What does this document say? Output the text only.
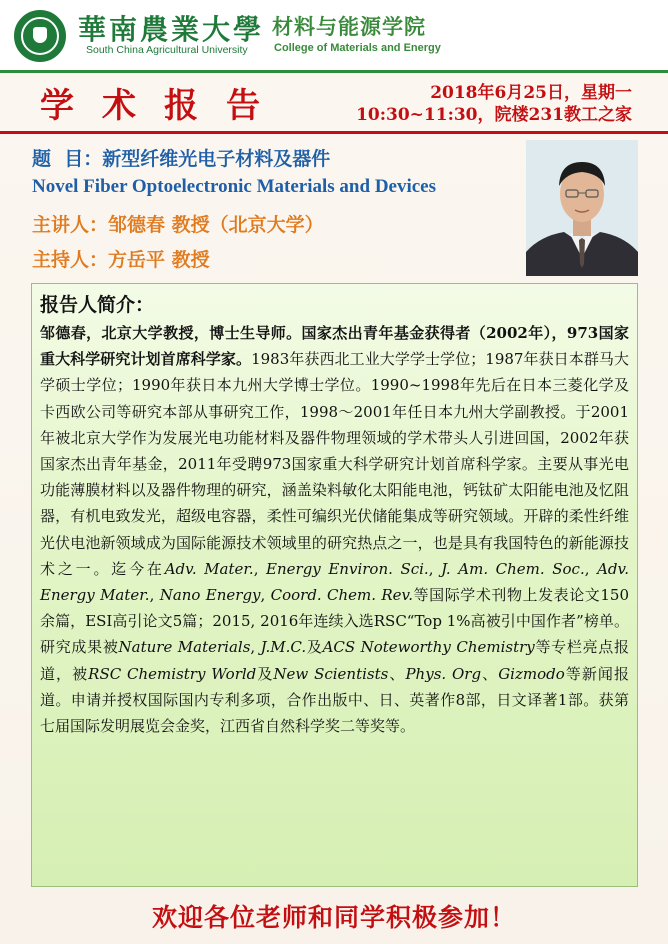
華南農業大學
South China Agricultural University
材料与能源学院
College of Materials and Energy
学术报告	2018年6月25日，星期一
10:30~11:30，院楼231教工之家
题  目：新型纤维光电子材料及器件
Novel Fiber Optoelectronic Materials and Devices
主讲人：邹德春 教授（北京大学）
主持人：方岳平 教授
报告人简介：
邹德春，北京大学教授，博士生导师。国家杰出青年基金获得者（2002年），973国家重大科学研究计划首席科学家。1983年获西北工业大学学士学位；1987年获日本群马大学硕士学位；1990年获日本九州大学博士学位。1990~1998年先后在日本三菱化学及卡西欧公司等研究本部从事研究工作，1998～2001年任日本九州大学副教授。于2001年被北京大学作为发展光电功能材料及器件物理领域的学术带头人引进回国，2002年获国家杰出青年基金，2011年受聘973国家重大科学研究计划首席科学家。主要从事光电功能薄膜材料以及器件物理的研究，涵盖染料敏化太阳能电池，钙钛矿太阳能电池及忆阻器，有机电致发光，超级电容器，柔性可编织光伏储能集成等研究领域。开辟的柔性纤维光伏电池新领域成为国际能源技术领域里的研究热点之一，也是具有我国特色的新能源技术之一。迄今在Adv. Mater., Energy Environ. Sci., J. Am. Chem. Soc., Adv. Energy Mater., Nano Energy, Coord. Chem. Rev.等国际学术刊物上发表论文150余篇，ESI高引论文5篇；2015, 2016年连续入选RSC“Top 1%高被引中国作者”榜单。研究成果被Nature Materials, J.M.C.及ACS Noteworthy Chemistry等专栏亮点报道，被RSC Chemistry World及New Scientists、Phys. Org、Gizmodo等新闻报道。申请并授权国际国内专利多项，合作出版中、日、英著作8部，日文译著1部。获第七届国际发明展览会金奖，江西省自然科学奖二等奖等。
欢迎各位老师和同学积极参加！
